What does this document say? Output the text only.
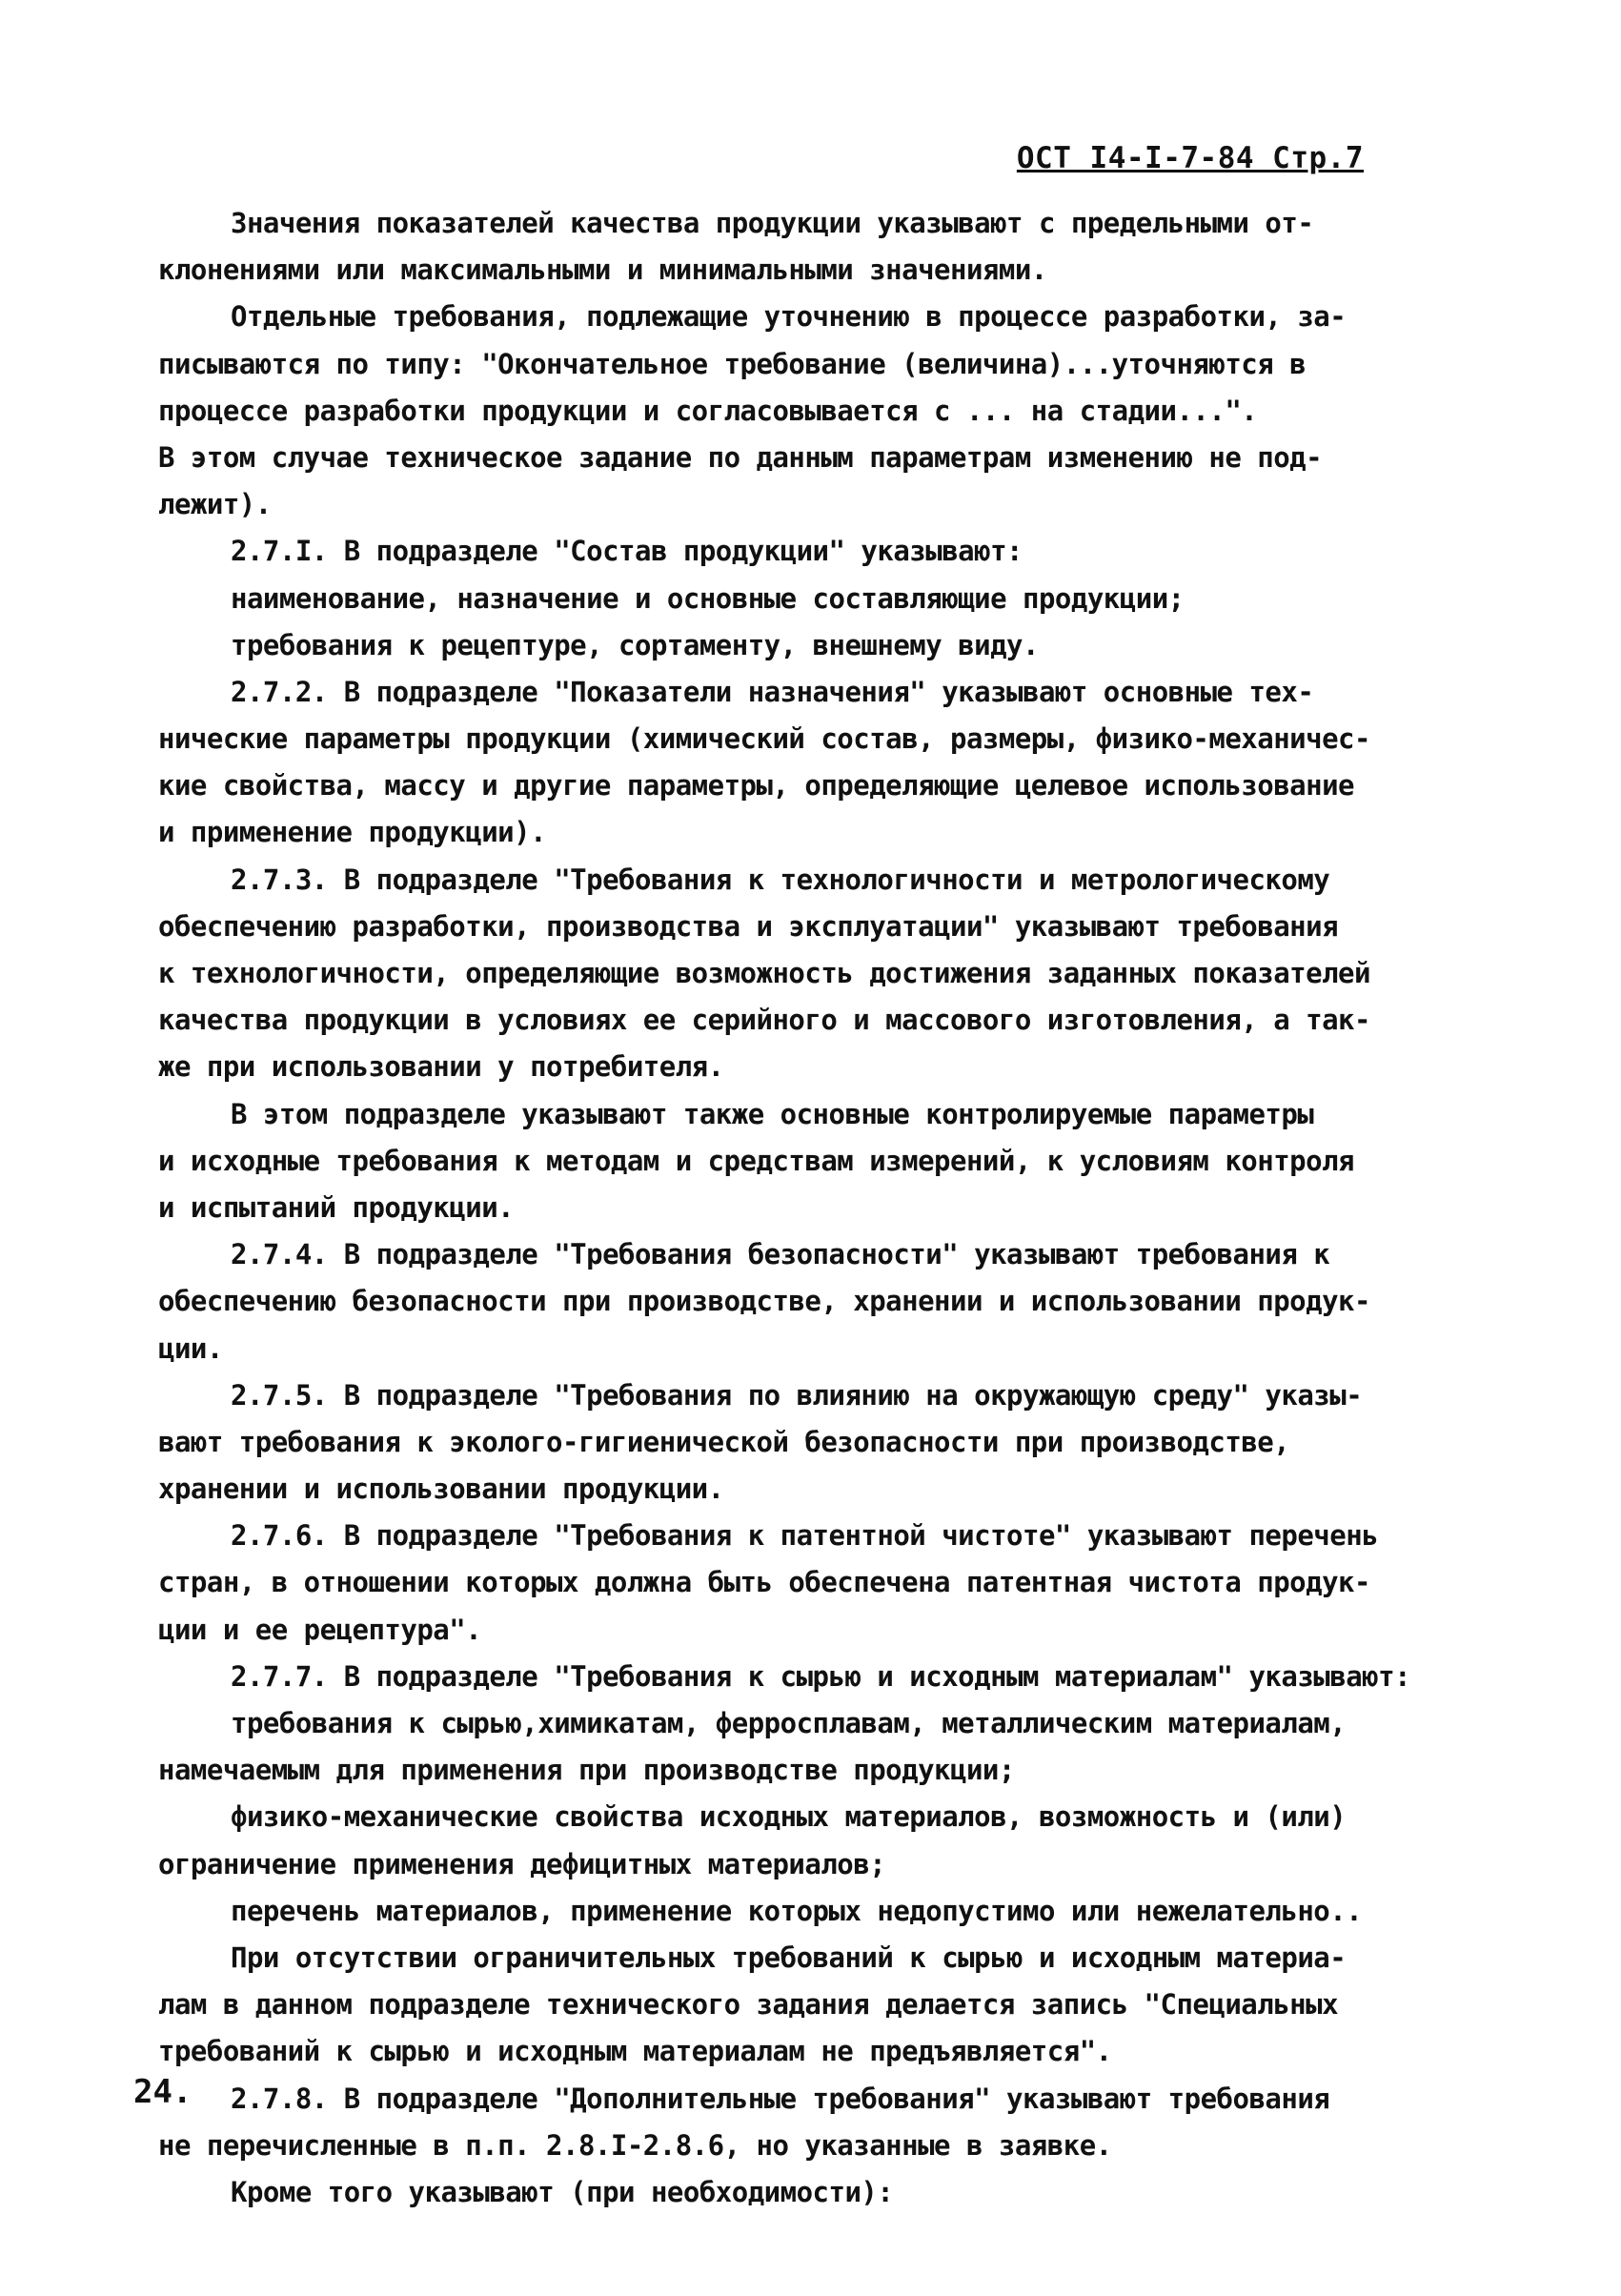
ОСТ I4-I-7-84 Стр.7
Значения показателей качества продукции указывают с предельными от-
клонениями или максимальными и минимальными значениями.
Отдельные требования, подлежащие уточнению в процессе разработки, за-
писываются по типу: "Окончательное требование (величина)...уточняются в
процессе разработки продукции и согласовывается с ... на стадии...".
В этом случае техническое задание по данным параметрам изменению не под-
лежит).
2.7.I. В подразделе "Состав продукции" указывают:
наименование, назначение и основные составляющие продукции;
требования к рецептуре, сортаменту, внешнему виду.
2.7.2. В подразделе "Показатели назначения" указывают основные тех-
нические параметры продукции (химический состав, размеры, физико-механичес-
кие свойства, массу и другие параметры, определяющие целевое использование
и применение продукции).
2.7.3. В подразделе "Требования к технологичности и метрологическому
обеспечению разработки, производства и эксплуатации" указывают требования
к технологичности, определяющие возможность достижения заданных показателей
качества продукции в условиях ее серийного и массового изготовления, а так-
же при использовании у потребителя.
В этом подразделе указывают также основные контролируемые параметры
и исходные требования к методам и средствам измерений, к условиям контроля
и испытаний продукции.
2.7.4. В подразделе "Требования безопасности" указывают требования к
обеспечению безопасности при производстве, хранении и использовании продук-
ции.
2.7.5. В подразделе "Требования по влиянию на окружающую среду" указы-
вают требования к эколого-гигиенической безопасности при производстве,
хранении и использовании продукции.
2.7.6. В подразделе "Требования к патентной чистоте" указывают перечень
стран, в отношении которых должна быть обеспечена патентная чистота продук-
ции и ее рецептура".
2.7.7. В подразделе "Требования к сырью и исходным материалам" указывают:
требования к сырью,химикатам, ферросплавам, металлическим материалам,
намечаемым для применения при производстве продукции;
физико-механические свойства исходных материалов, возможность и (или)
ограничение применения дефицитных материалов;
перечень материалов, применение которых недопустимо или нежелательно..
При отсутствии ограничительных требований к сырью и исходным материа-
лам в данном подразделе технического задания делается запись "Специальных
требований к сырью и исходным материалам не предъявляется".
2.7.8. В подразделе "Дополнительные требования" указывают требования
не перечисленные в п.п. 2.8.I-2.8.6, но указанные в заявке.
Кроме того указывают (при необходимости):
24.
